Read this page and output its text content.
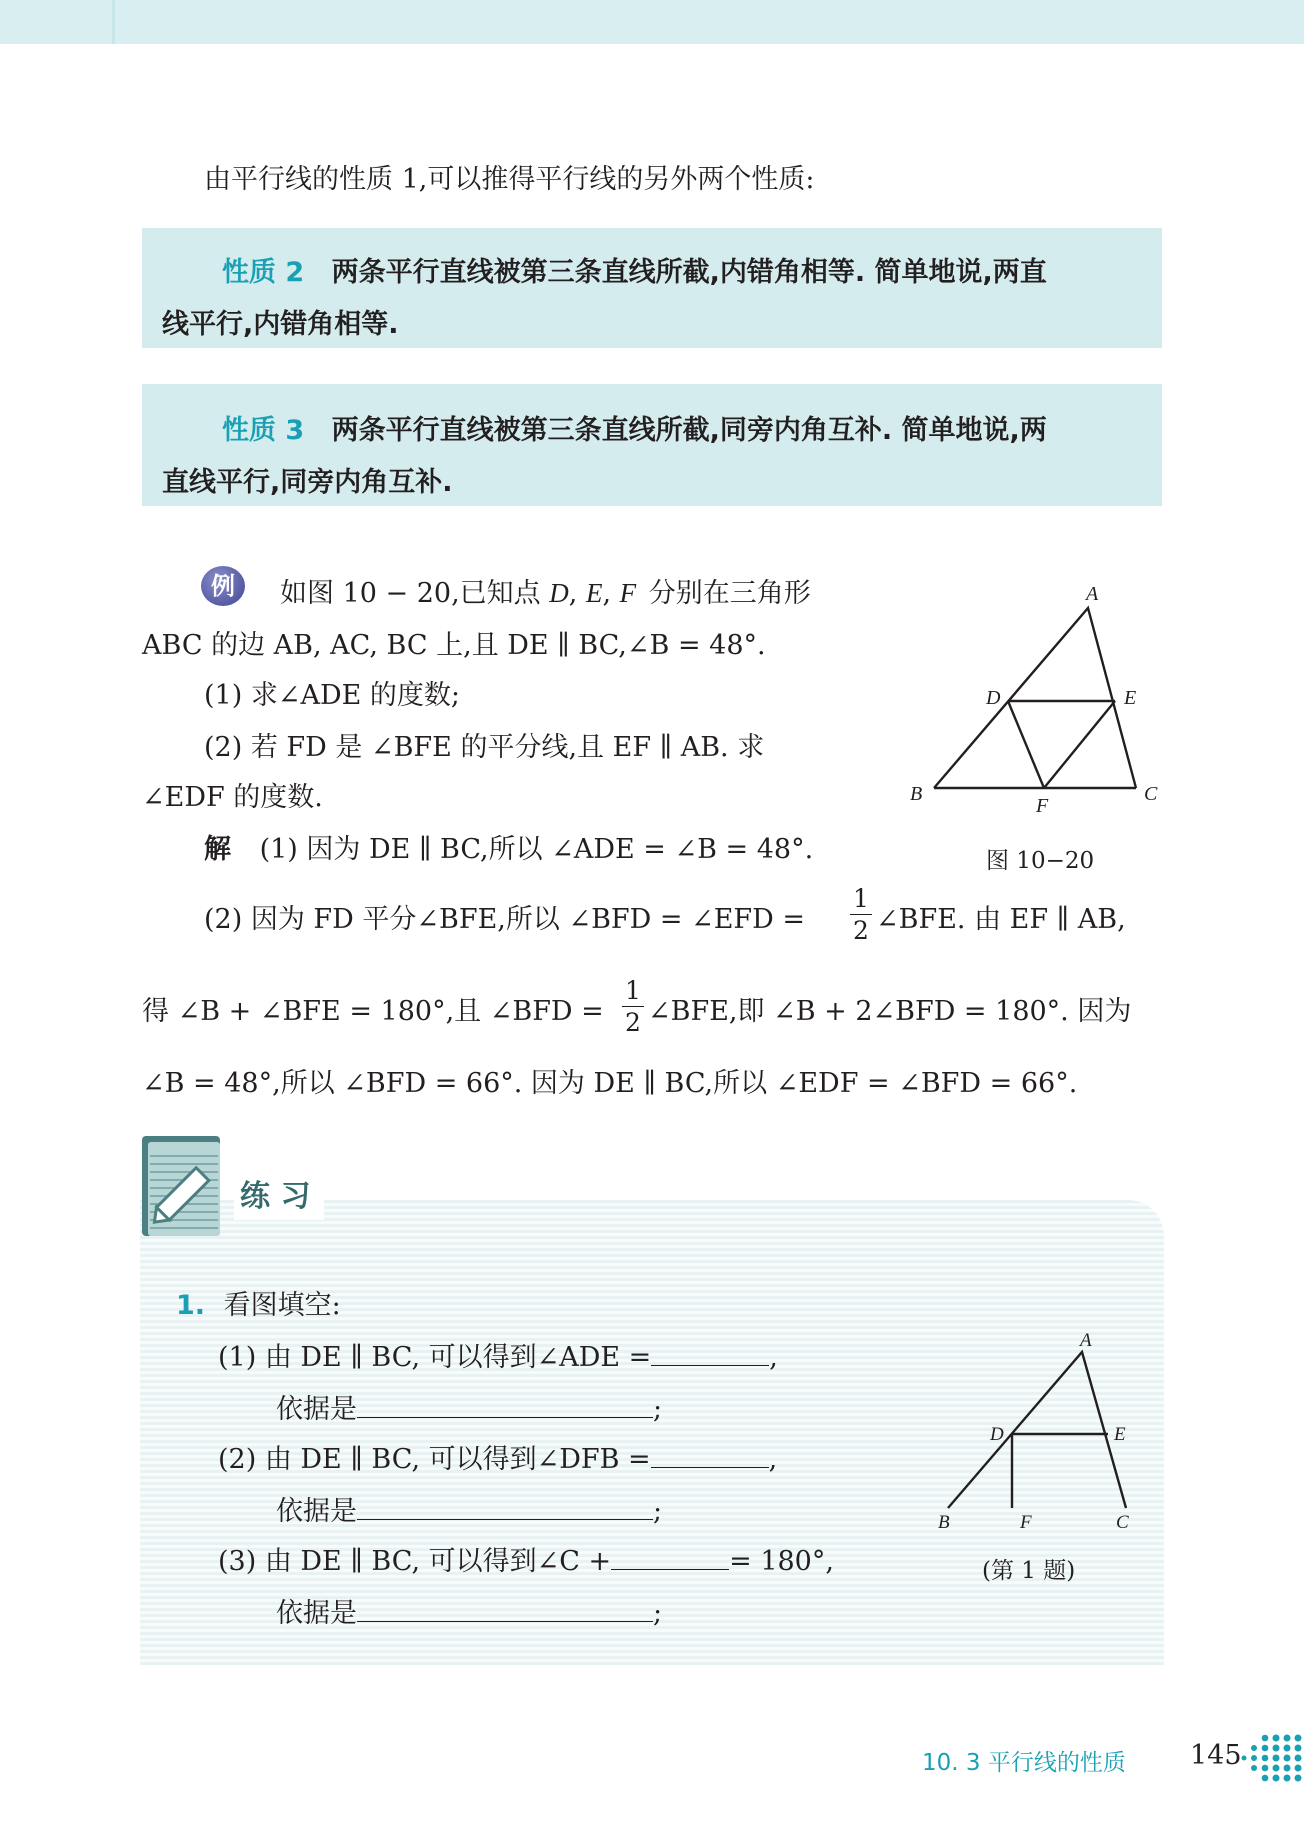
由平行线的性质 1,可以推得平行线的另外两个性质:
性质 2 两条平行直线被第三条直线所截,内错角相等. 简单地说,两直
线平行,内错角相等.
性质 3 两条平行直线被第三条直线所截,同旁内角互补. 简单地说,两
直线平行,同旁内角互补.
例	如图 10 − 20,已知点 D, E, F 分别在三角形
ABC 的边 AB, AC, BC 上,且 DE ∥ BC,∠B = 48°.
(1) 求∠ADE 的度数;
(2) 若 FD 是 ∠BFE 的平分线,且 EF ∥ AB. 求
∠EDF 的度数.
解 (1) 因为 DE ∥ BC,所以 ∠ADE = ∠B = 48°.
(2) 因为 FD 平分∠BFE,所以 ∠BFD = ∠EFD =
1
2 ∠BFE. 由 EF ∥ AB,
得 ∠B + ∠BFE = 180°,且 ∠BFD =
1
2 ∠BFE,即 ∠B + 2∠BFD = 180°. 因为
∠B = 48°,所以 ∠BFD = 66°. 因为 DE ∥ BC,所以 ∠EDF = ∠BFD = 66°.
A
D	E
B
F
C
图 10−20
练 习
1. 看图填空:
(1) 由 DE ∥ BC, 可以得到∠ADE =	,
依据是	;
(2) 由 DE ∥ BC, 可以得到∠DFB =	,
依据是	;
(3) 由 DE ∥ BC, 可以得到∠C +	= 180°,
依据是	;
A
D	E
B	F	C
(第 1 题)
10. 3 平行线的性质 145
